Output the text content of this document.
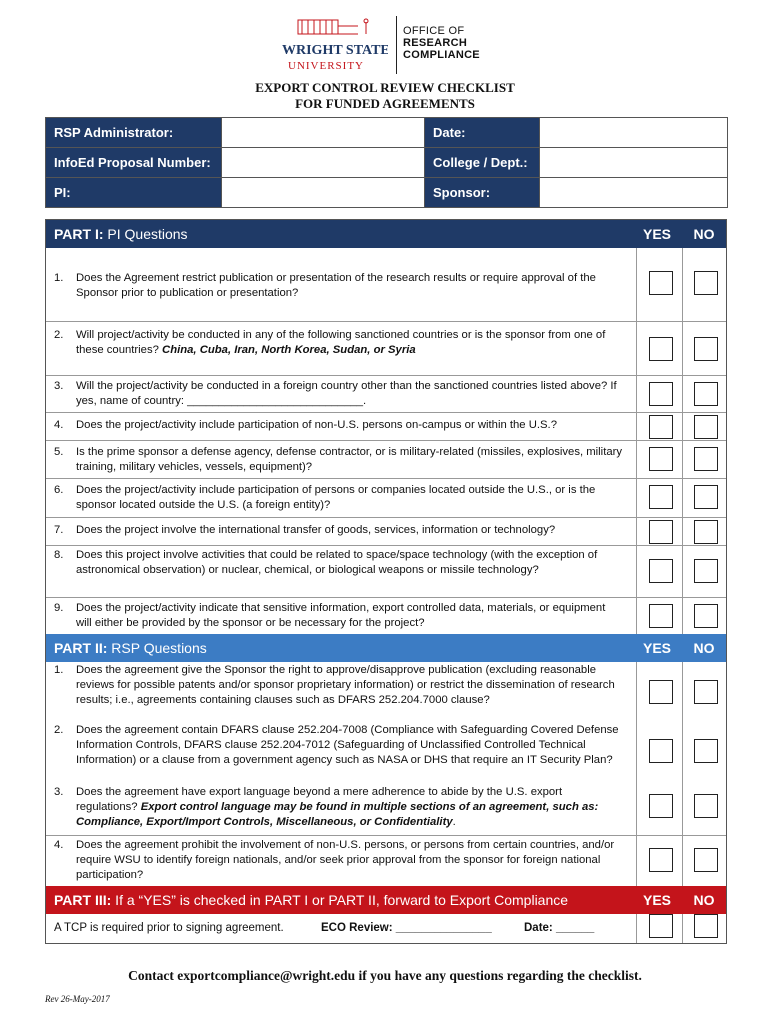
WRIGHT STATE
UNIVERSITY
OFFICE OF
RESEARCH
COMPLIANCE
EXPORT CONTROL REVIEW CHECKLIST
FOR FUNDED AGREEMENTS
RSP Administrator:		Date:	
InfoEd Proposal Number:		College / Dept.:	
PI:		Sponsor:	
PART I: PI Questions	YES	NO
1. Does the Agreement restrict publication or presentation of the research results or require approval of the Sponsor prior to publication or presentation?
2. Will project/activity be conducted in any of the following sanctioned countries or is the sponsor from one of these countries? China, Cuba, Iran, North Korea, Sudan, or Syria
3. Will the project/activity be conducted in a foreign country other than the sanctioned countries listed above? If yes, name of country: ____________________________.
4. Does the project/activity include participation of non-U.S. persons on-campus or within the U.S.?
5. Is the prime sponsor a defense agency, defense contractor, or is military-related (missiles, explosives, military training, military vehicles, vessels, equipment)?
6. Does the project/activity include participation of persons or companies located outside the U.S., or is the sponsor located outside the U.S. (a foreign entity)?
7. Does the project involve the international transfer of goods, services, information or technology?
8. Does this project involve activities that could be related to space/space technology (with the exception of astronomical observation) or nuclear, chemical, or biological weapons or missile technology?
9. Does the project/activity indicate that sensitive information, export controlled data, materials, or equipment will either be provided by the sponsor or be necessary for the project?
PART II: RSP Questions	YES	NO
1. Does the agreement give the Sponsor the right to approve/disapprove publication (excluding reasonable reviews for possible patents and/or sponsor proprietary information) or restrict the dissemination of research results; i.e., agreements containing clauses such as DFARS 252.204.7000 clause?
2. Does the agreement contain DFARS clause 252.204-7008 (Compliance with Safeguarding Covered Defense Information Controls, DFARS clause 252.204-7012 (Safeguarding of Unclassified Controlled Technical Information) or a clause from a government agency such as NASA or DHS that require an IT Security Plan?
3. Does the agreement have export language beyond a mere adherence to abide by the U.S. export regulations? Export control language may be found in multiple sections of an agreement, such as: Compliance, Export/Import Controls, Miscellaneous, or Confidentiality.
4. Does the agreement prohibit the involvement of non-U.S. persons, or persons from certain countries, and/or require WSU to identify foreign nationals, and/or seek prior approval from the sponsor for foreign national participation?
PART III: If a “YES” is checked in PART I or PART II, forward to Export Compliance	YES	NO
A TCP is required prior to signing agreement.	ECO Review: _______________	Date: ______
Contact exportcompliance@wright.edu if you have any questions regarding the checklist.
Rev 26-May-2017
